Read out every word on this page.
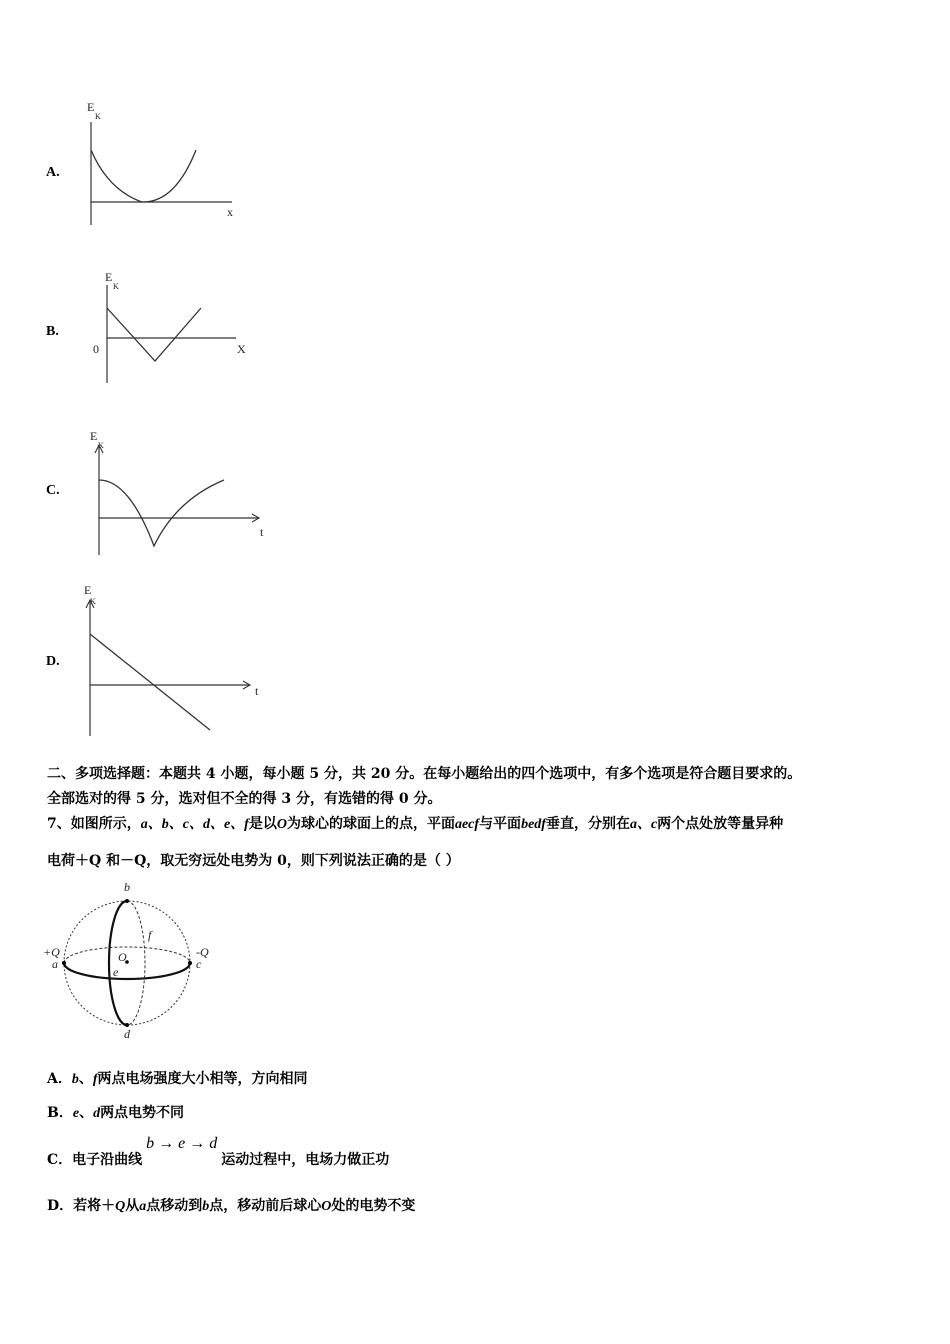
A.
E
K
x
B.
E
K
0	X
C.
E
K
t
D.
E
K
t
二、多项选择题：本题共 4 小题，每小题 5 分，共 20 分。在每小题给出的四个选项中，有多个选项是符合题目要求的。
全部选对的得 5 分，选对但不全的得 3 分，有选错的得 0 分。
7、如图所示，a、b、c、d、e、f是以O为球心的球面上的点，平面aecf与平面bedf垂直，分别在a、c两个点处放等量异种
电荷＋Q 和－Q，取无穷远处电势为 0，则下列说法正确的是（ ）
b
d
f
e
O
a	c
+Q	-Q
A．b、f两点电场强度大小相等，方向相同
B．e、d两点电势不同
C．电子沿曲线b → e → d运动过程中，电场力做正功
D．若将＋Q从a点移动到b点，移动前后球心O处的电势不变
